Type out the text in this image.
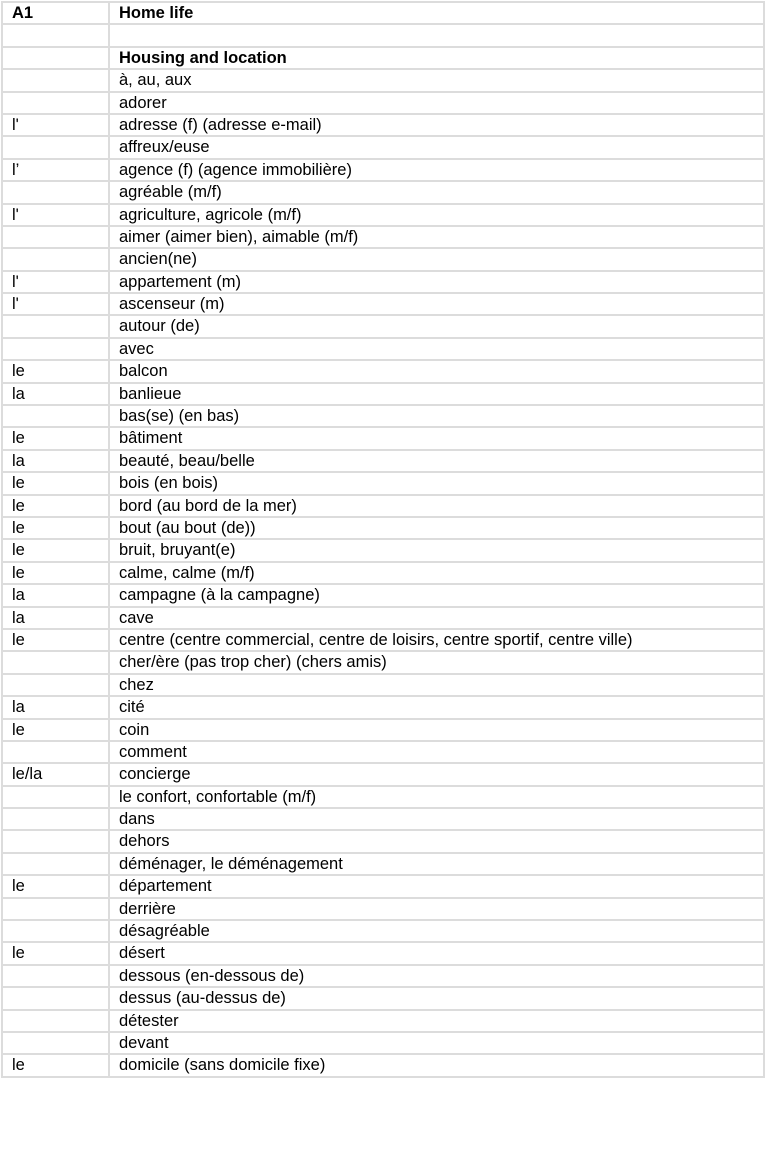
A1	Home life

	Housing and location
	à, au, aux
	adorer
l'	adresse (f) (adresse e-mail)
	affreux/euse
l’	agence (f) (agence immobilière)
	agréable (m/f)
l'	agriculture, agricole (m/f)
	aimer (aimer bien), aimable (m/f)
	ancien(ne)
l'	appartement (m)
l'	ascenseur (m)
	autour (de)
	avec
le	balcon
la	banlieue
	bas(se) (en bas)
le	bâtiment
la	beauté, beau/belle
le	bois (en bois)
le	bord (au bord de la mer)
le	bout (au bout (de))
le	bruit, bruyant(e)
le	calme, calme (m/f)
la	campagne (à la campagne)
la	cave
le	centre (centre commercial, centre de loisirs, centre sportif, centre ville)
	cher/ère (pas trop cher) (chers amis)
	chez
la	cité
le	coin
	comment
le/la	concierge
	le confort, confortable (m/f)
	dans
	dehors
	déménager, le déménagement
le	département
	derrière
	désagréable
le	désert
	dessous (en-dessous de)
	dessus (au-dessus de)
	détester
	devant
le	domicile (sans domicile fixe)
